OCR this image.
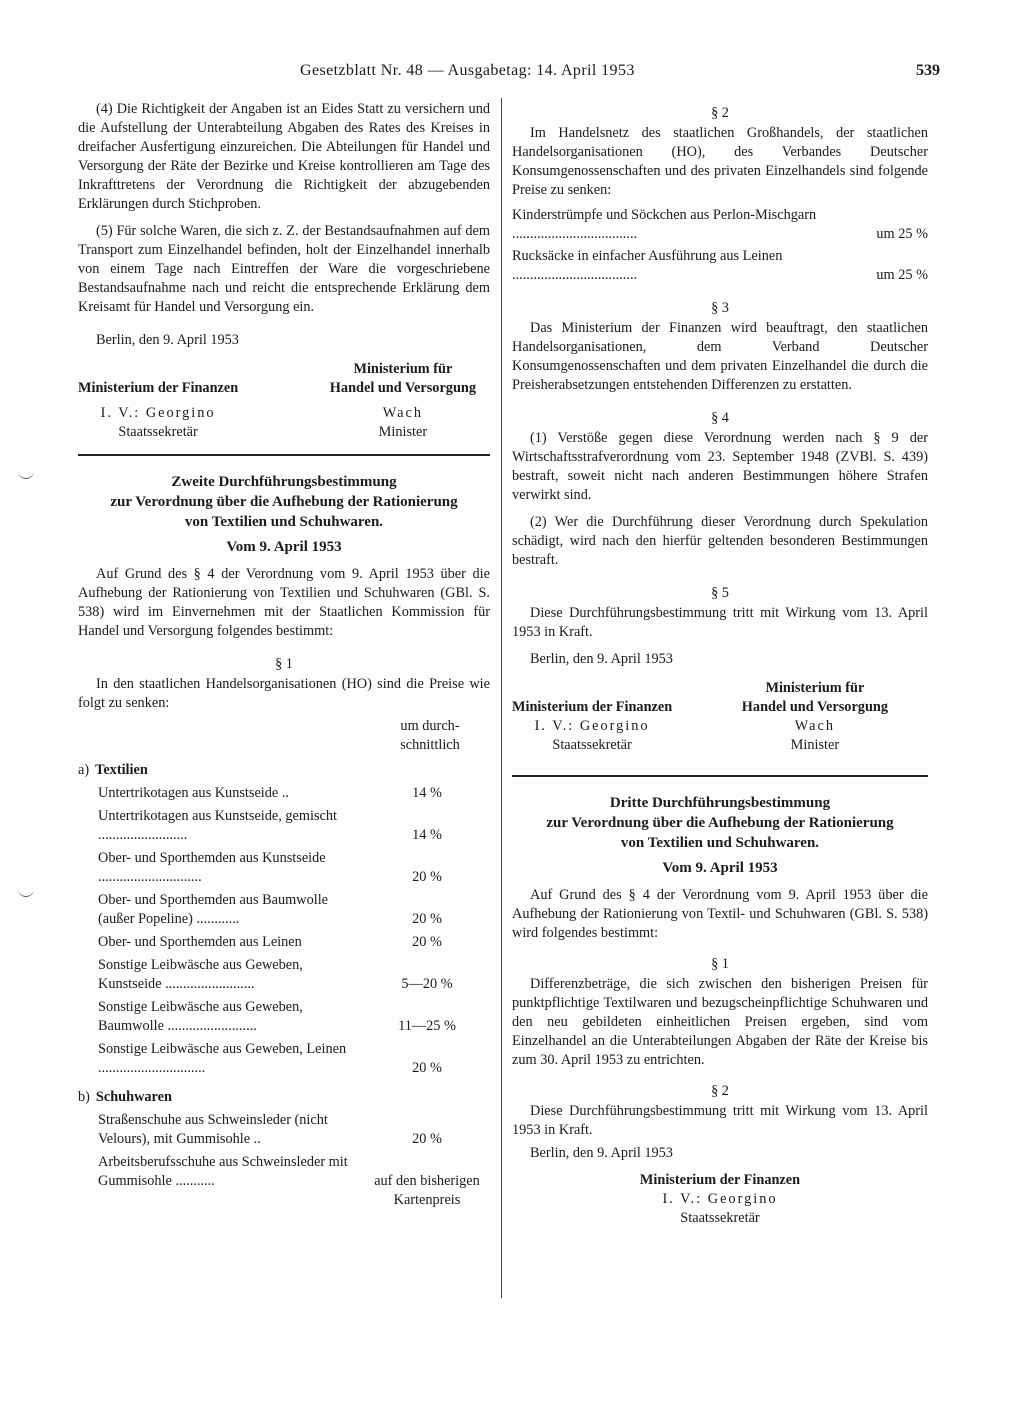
Gesetzblatt Nr. 48 — Ausgabetag: 14. April 1953	539

(4) Die Richtigkeit der Angaben ist an Eides Statt zu versichern und die Aufstellung der Unterabteilung Abgaben des Rates des Kreises in dreifacher Ausfertigung einzureichen. Die Abteilungen für Handel und Versorgung der Räte der Bezirke und Kreise kontrollieren am Tage des Inkrafttretens der Verordnung die Richtigkeit der abzugebenden Erklärungen durch Stichproben.

(5) Für solche Waren, die sich z. Z. der Bestandsaufnahmen auf dem Transport zum Einzelhandel befinden, holt der Einzelhandel innerhalb von einem Tage nach Eintreffen der Ware die vorgeschriebene Bestandsaufnahme nach und reicht die entsprechende Erklärung dem Kreisamt für Handel und Versorgung ein.

Berlin, den 9. April 1953

Ministerium der Finanzen
I. V.: Georgino
Staatssekretär
Ministerium für
Handel und Versorgung
Wach
Minister
Zweite Durchführungsbestimmung
zur Verordnung über die Aufhebung der Rationierung
von Textilien und Schuhwaren.
Vom 9. April 1953

Auf Grund des § 4 der Verordnung vom 9. April 1953 über die Aufhebung der Rationierung von Textilien und Schuhwaren (GBl. S. 538) wird im Einvernehmen mit der Staatlichen Kommission für Handel und Versorgung folgendes bestimmt:

§ 1

In den staatlichen Handelsorganisationen (HO) sind die Preise wie folgt zu senken:

um durch-
schnittlich
a) Textilien
Untertrikotagen aus Kunstseide ..	14 %
Untertrikotagen aus Kunstseide, gemischt .........................	14 %
Ober- und Sporthemden aus Kunstseide .............................	20 %
Ober- und Sporthemden aus Baumwolle (außer Popeline) ............	20 %
Ober- und Sporthemden aus Leinen	20 %
Sonstige Leibwäsche aus Geweben, Kunstseide .........................	5—20 %
Sonstige Leibwäsche aus Geweben, Baumwolle .........................	11—25 %
Sonstige Leibwäsche aus Geweben, Leinen ..............................	20 %
b) Schuhwaren
Straßenschuhe aus Schweinsleder (nicht Velours), mit Gummisohle ..	20 %
Arbeitsberufsschuhe aus Schweinsleder mit Gummisohle ...........	auf den bisherigen Kartenpreis
§ 2

Im Handelsnetz des staatlichen Großhandels, der staatlichen Handelsorganisationen (HO), des Verbandes Deutscher Konsumgenossenschaften und des privaten Einzelhandels sind folgende Preise zu senken:

Kinderstrümpfe und Söckchen aus Perlon-Mischgarn ...................................	um 25 %
Rucksäcke in einfacher Ausführung aus Leinen ...................................	um 25 %
§ 3

Das Ministerium der Finanzen wird beauftragt, den staatlichen Handelsorganisationen, dem Verband Deutscher Konsumgenossenschaften und dem privaten Einzelhandel die durch die Preisherabsetzungen entstehenden Differenzen zu erstatten.

§ 4

(1) Verstöße gegen diese Verordnung werden nach § 9 der Wirtschaftsstrafverordnung vom 23. September 1948 (ZVBl. S. 439) bestraft, soweit nicht nach anderen Bestimmungen höhere Strafen verwirkt sind.

(2) Wer die Durchführung dieser Verordnung durch Spekulation schädigt, wird nach den hierfür geltenden besonderen Bestimmungen bestraft.

§ 5

Diese Durchführungsbestimmung tritt mit Wirkung vom 13. April 1953 in Kraft.

Berlin, den 9. April 1953

Ministerium der Finanzen
I. V.: Georgino
Staatssekretär
Ministerium für
Handel und Versorgung
Wach
Minister
Dritte Durchführungsbestimmung
zur Verordnung über die Aufhebung der Rationierung
von Textilien und Schuhwaren.
Vom 9. April 1953

Auf Grund des § 4 der Verordnung vom 9. April 1953 über die Aufhebung der Rationierung von Textil- und Schuhwaren (GBl. S. 538) wird folgendes bestimmt:

§ 1

Differenzbeträge, die sich zwischen den bisherigen Preisen für punktpflichtige Textilwaren und bezugscheinpflichtige Schuhwaren und den neu gebildeten einheitlichen Preisen ergeben, sind vom Einzelhandel an die Unterabteilungen Abgaben der Räte der Kreise bis zum 30. April 1953 zu entrichten.

§ 2

Diese Durchführungsbestimmung tritt mit Wirkung vom 13. April 1953 in Kraft.

Berlin, den 9. April 1953

Ministerium der Finanzen
I. V.: Georgino
Staatssekretär
